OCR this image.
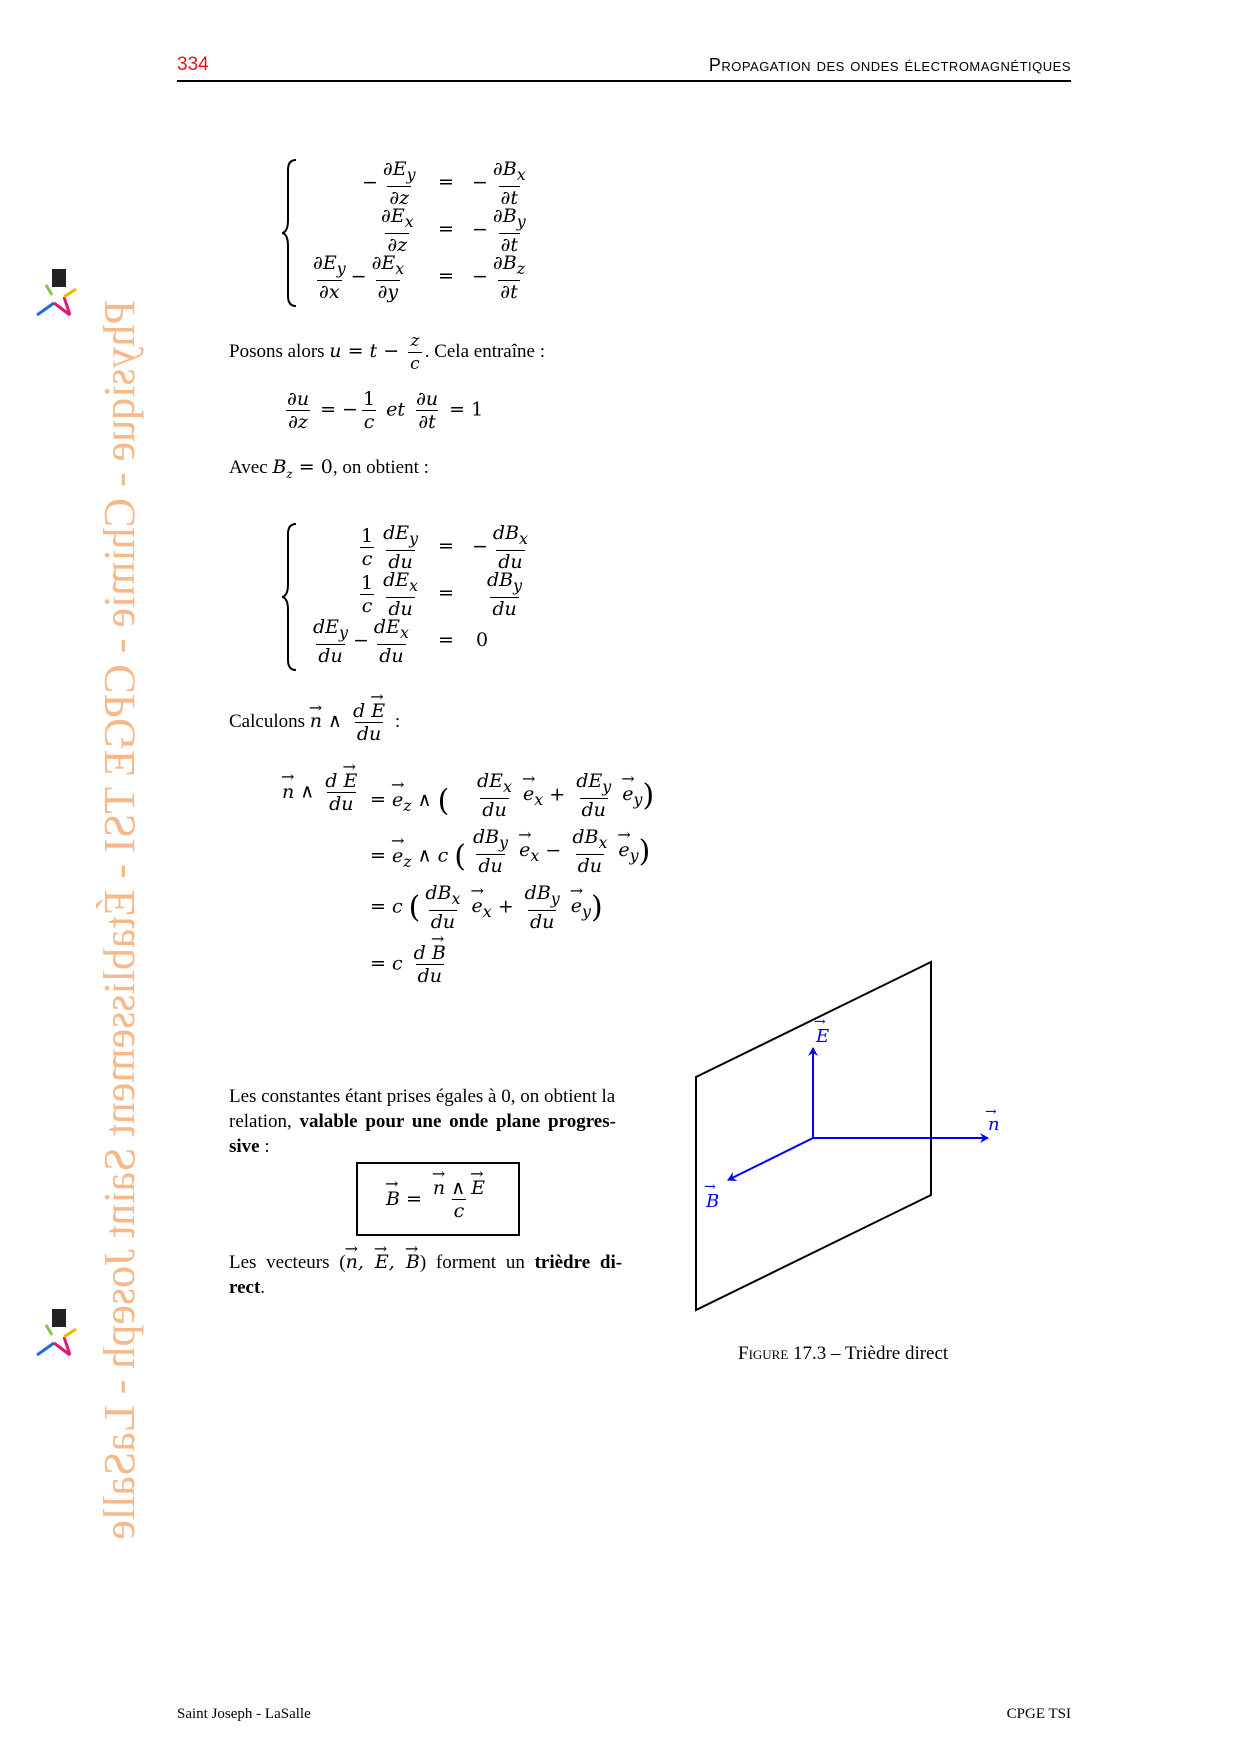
334	Propagation des ondes électromagnétiques
Physique - Chimie - CPGE TSI - Établissement Saint Joseph - LaSalle
− $\frac{\partial E_y}{\partial z}$ = − $\frac{\partial B_x}{\partial t}$
$\frac{\partial E_x}{\partial z}$ = − $\frac{\partial B_y}{\partial t}$
$\frac{\partial E_y}{\partial x} - \frac{\partial E_x}{\partial y}$ = − $\frac{\partial B_z}{\partial t}$
Posons alors $u = t - \frac{z}{c}$ . Cela entraîne :
$\frac{\partial u}{\partial z}$ = − $\frac{1}{c}$ et $\frac{\partial u}{\partial t} = 1$
Avec $B_z = 0$, on obtient :
$\frac{1}{c} \frac{dE_y}{du}$ = − $\frac{dB_x}{du}$
$\frac{1}{c} \frac{dE_x}{du} = \frac{dB_y}{du}$
$\frac{dE_y}{du} - \frac{dE_x}{du} = 0$
Calculons → n ∧ $\frac{d \to E}{du}$ :
→ n ∧ $\frac{d \to E}{du}$ = → $e_z$ ∧ ( $\frac{dE_x}{du} \to e_x + \frac{dE_y}{du} \to e_y$)
= → $e_z$ ∧ c ( $\frac{dB_y}{du} \to e_x - \frac{dB_x}{du} \to e_y$)
= c ( $\frac{dB_x}{du} \to e_x + \frac{dB_y}{du} \to e_y$)
= c $\frac{d \to B}{du}$
Les constantes étant prises égales à 0, on obtient la
relation, valable pour une onde plane progres-
sive :
→ B = → $\frac{n \wedge \to E}{c}$
Les vecteurs (→ n, → E, → B) forment un trièdre di-
rect.
E
→
n
→
B
→
Figure 17.3 – Trièdre direct
Saint Joseph - LaSalle	CPGE TSI
